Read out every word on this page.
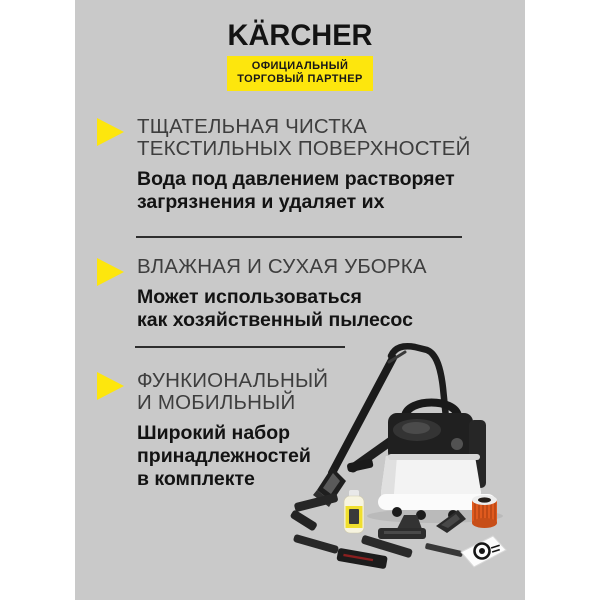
KÄRCHER
ОФИЦИАЛЬНЫЙ
ТОРГОВЫЙ ПАРТНЕР
ТЩАТЕЛЬНАЯ ЧИСТКА
ТЕКСТИЛЬНЫХ ПОВЕРХНОСТЕЙ
Вода под давлением растворяет
загрязнения и удаляет их
ВЛАЖНАЯ И СУХАЯ УБОРКА
Может использоваться
как хозяйственный пылесос
ФУНКИОНАЛЬНЫЙ
И МОБИЛЬНЫЙ
Широкий набор
принадлежностей
в комплекте
